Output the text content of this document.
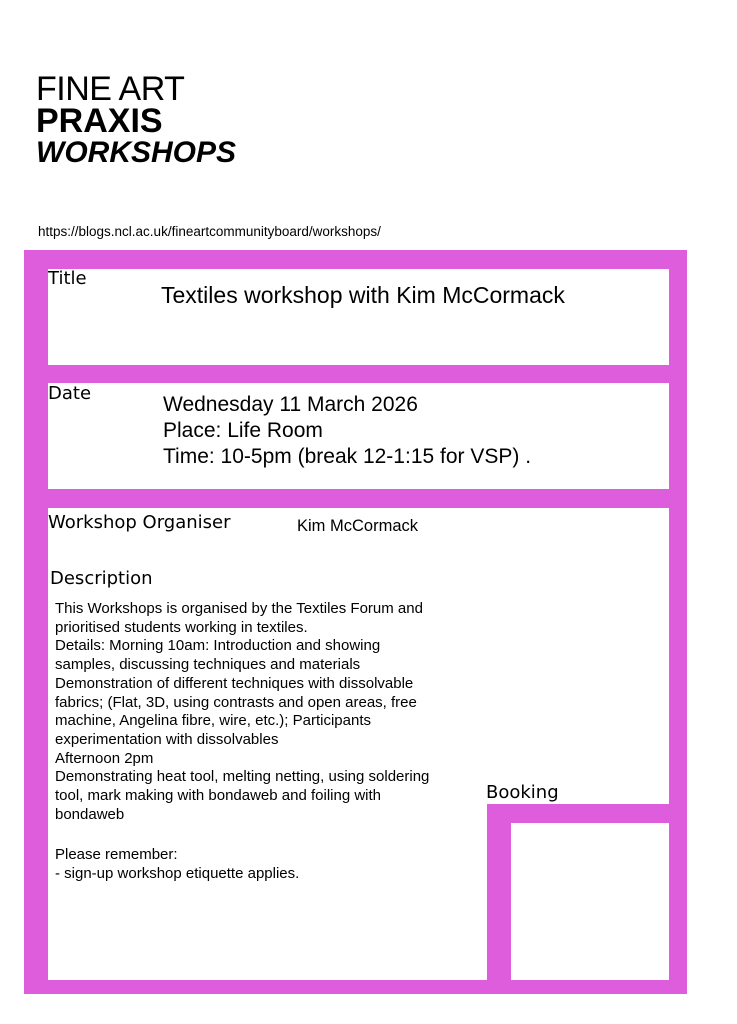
FINE ART
PRAXIS
WORKSHOPS
https://blogs.ncl.ac.uk/fineartcommunityboard/workshops/
Title
Textiles workshop with Kim McCormack
Date	Wednesday 11 March 2026
Place: Life Room
Time: 10-5pm (break 12-1:15 for VSP) .
Workshop Organiser	Kim McCormack
Description

This Workshops is organised by the Textiles Forum and

prioritised students working in textiles.

Details: Morning 10am: Introduction and showing

samples, discussing techniques and materials

Demonstration of different techniques with dissolvable

fabrics; (Flat, 3D, using contrasts and open areas, free

machine, Angelina fibre, wire, etc.); Participants

experimentation with dissolvables

Afternoon 2pm

Demonstrating heat tool, melting netting, using soldering

tool, mark making with bondaweb and foiling with

bondaweb

Please remember:

- sign-up workshop etiquette applies.

Booking
